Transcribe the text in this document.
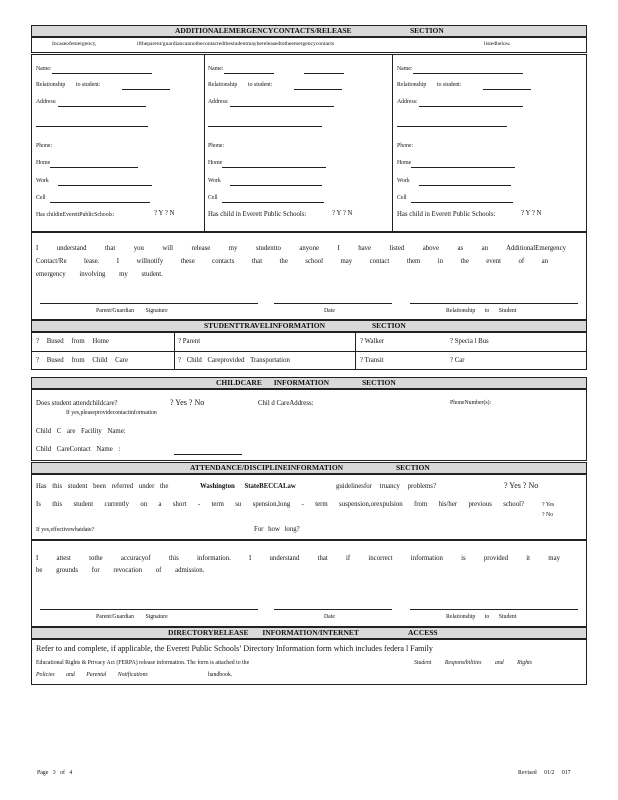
ADDITIONALEMERGENCYCONTACTS/RELEASE	SECTION
Incaseofemergency,	iftheparent/guardiancannotbecontactedthestudentmaybereleasedtotheemergencycontacts	listedbelow.
Name:
Relationship to student:
Address:
Phone:
Home
Work
Cell
Has childinEverettPublicSchools:	? Y ? N
Name:
Relationship to student:
Address:
Phone:
Home
Work
Cell
Has child in Everett Public Schools:	? Y ? N
Name:
Relationship to student:
Address:
Phone:
Home
Work
Cell
Has child in Everett Public Schools:	? Y ? N
I understand that you will release my studentto anyone I have listed above as an AdditionalEmergency
Contact/Re lease. I willnotify these contacts that the school may contact them in the event of an
emergency involving my student.
Parent/Guardian Signature	Date	Relationship to Student
STUDENTTRAVELINFORMATION	SECTION
? Bused from Home	? Parent	? Walker	? Specia l Bus
? Bused from Child Care	? Child Careprovided Transportation	? Transit	? Car
CHILDCARE INFORMATION	SECTION
Does student attendchildcare?	? Yes ? No	Chil d CareAddress:	PhoneNumber(s):
If yes,pleaseprovidecontactinformation
Child C are Facility Name:
Child CareContact Name :
ATTENDANCE/DISCIPLINEINFORMATION	SECTION
Has this student been referred under the	Washington StateBECCALaw	guidelinesfor truancy problems?	? Yes ? No
Is this student currently on a short - term su spension,long - term suspension,orexpulsion from his/her previous school?	? Yes
? No
If yes,effectivewhatdate?	For how long?
I attest tothe accuracyof this information. I understand that if incorrect information is provided it may
be grounds for revocation of admission.
Parent/Guardian Signature	Date	Relationship to Student
DIRECTORYRELEASE INFORMATION/INTERNET	ACCESS
Refer to and complete, if applicable, the Everett Public Schools’ Directory Information form which includes federa l Family
Educational Rights & Privacy Act (FERPA) release information. The form is attached to the	Student Responsibilities and Rights
Policies and Parental Notifications	handbook.
Page 3 of 4	Revised 01/2 017
